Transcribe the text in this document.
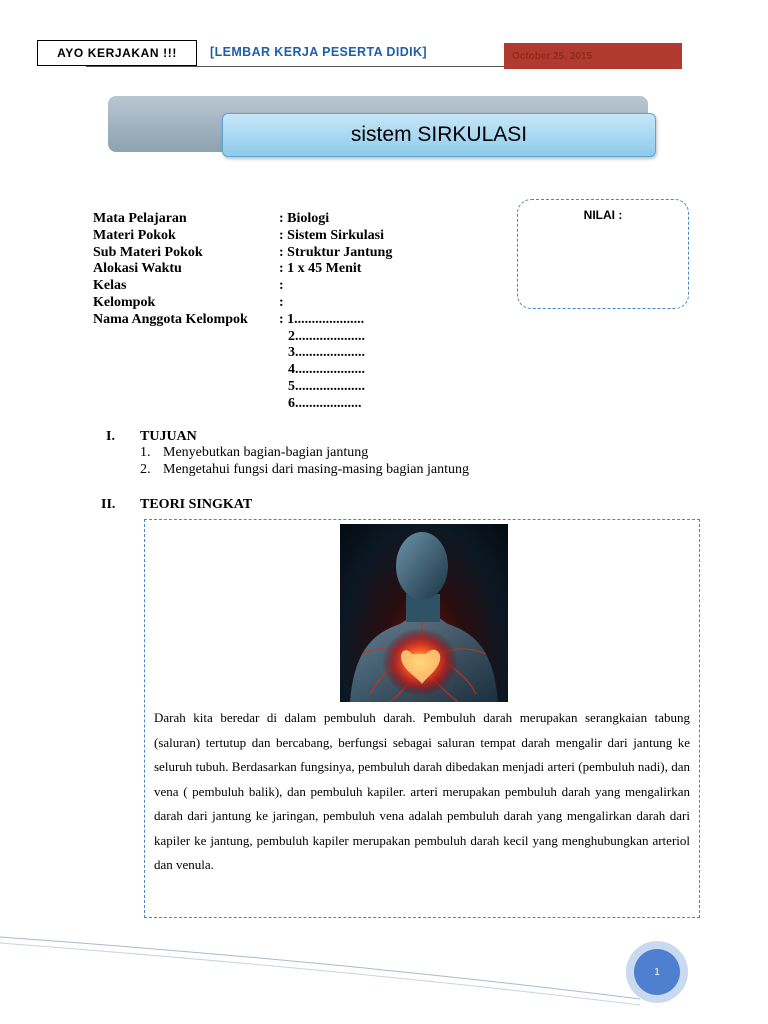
AYO KERJAKAN !!!	[LEMBAR KERJA PESERTA DIDIK]	October 25, 2015
sistem SIRKULASI
Mata Pelajaran	: Biologi
Materi Pokok	: Sistem Sirkulasi
Sub Materi Pokok	: Struktur Jantung
Alokasi Waktu	: 1 x 45 Menit
Kelas	:
Kelompok	:
Nama Anggota Kelompok	: 1....................
2....................
3....................
4....................
5....................
6...................
NILAI :
I. TUJUAN
1. Menyebutkan bagian-bagian jantung
2. Mengetahui fungsi dari masing-masing bagian jantung
II. TEORI SINGKAT
Darah kita beredar di dalam pembuluh darah. Pembuluh darah merupakan serangkaian tabung (saluran) tertutup dan bercabang, berfungsi sebagai saluran tempat darah mengalir dari jantung ke seluruh tubuh. Berdasarkan fungsinya, pembuluh darah dibedakan menjadi arteri (pembuluh nadi), dan vena ( pembuluh balik), dan pembuluh kapiler. arteri merupakan pembuluh darah yang mengalirkan darah dari jantung ke jaringan, pembuluh vena adalah pembuluh darah yang mengalirkan darah dari kapiler ke jantung, pembuluh kapiler merupakan pembuluh darah kecil yang menghubungkan arteriol dan venula.
1
